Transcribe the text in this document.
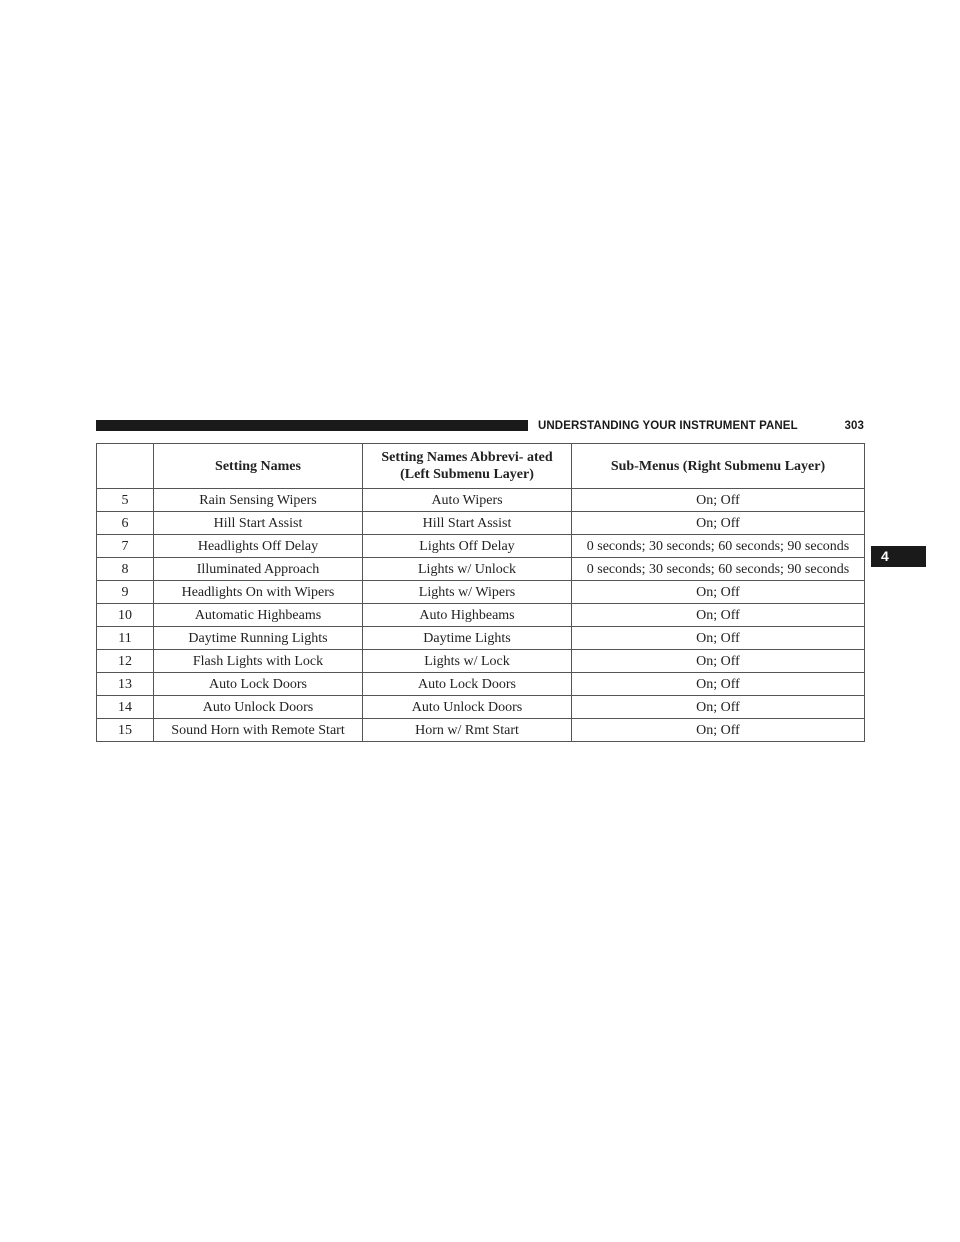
UNDERSTANDING YOUR INSTRUMENT PANEL	303
4
	Setting Names	Setting Names Abbrevi- ated (Left Submenu Layer)	Sub-Menus (Right Submenu Layer)
5	Rain Sensing Wipers	Auto Wipers	On; Off
6	Hill Start Assist	Hill Start Assist	On; Off
7	Headlights Off Delay	Lights Off Delay	0 seconds; 30 seconds; 60 seconds; 90 seconds
8	Illuminated Approach	Lights w/ Unlock	0 seconds; 30 seconds; 60 seconds; 90 seconds
9	Headlights On with Wipers	Lights w/ Wipers	On; Off
10	Automatic Highbeams	Auto Highbeams	On; Off
11	Daytime Running Lights	Daytime Lights	On; Off
12	Flash Lights with Lock	Lights w/ Lock	On; Off
13	Auto Lock Doors	Auto Lock Doors	On; Off
14	Auto Unlock Doors	Auto Unlock Doors	On; Off
15	Sound Horn with Remote Start	Horn w/ Rmt Start	On; Off
